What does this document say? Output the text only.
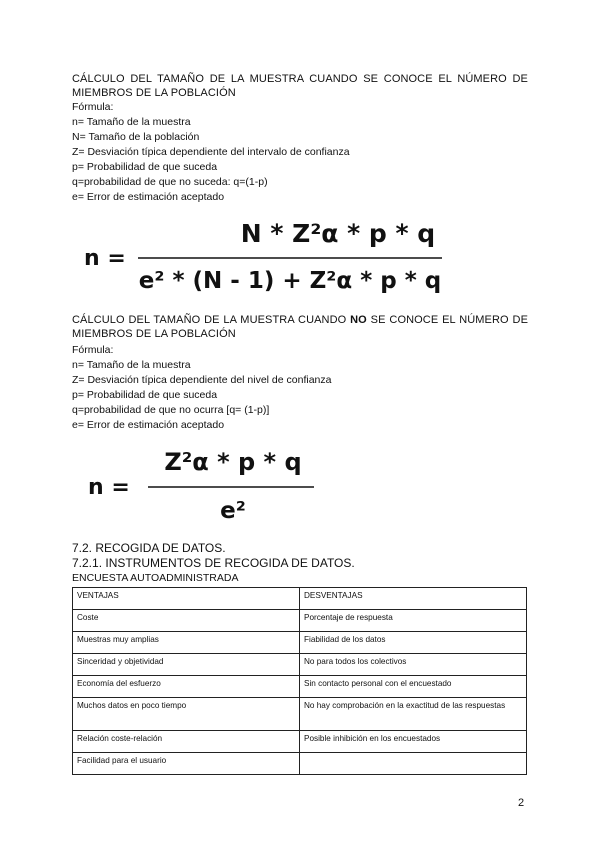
CÁLCULO DEL TAMAÑO DE LA MUESTRA CUANDO SE CONOCE EL NÚMERO DE
MIEMBROS DE LA POBLACIÓN
Fórmula:
n= Tamaño de la muestra
N= Tamaño de la población
Z= Desviación típica dependiente del intervalo de confianza
p= Probabilidad de que suceda
q=probabilidad de que no suceda: q=(1-p)
e= Error de estimación aceptado
n =
N * Z²α * p * q
e² * (N - 1) + Z²α * p * q
CÁLCULO DEL TAMAÑO DE LA MUESTRA CUANDO NO SE CONOCE EL NÚMERO DE
MIEMBROS DE LA POBLACIÓN
Fórmula:
n= Tamaño de la muestra
Z= Desviación típica dependiente del nivel de confianza
p= Probabilidad de que suceda
q=probabilidad de que no ocurra [q= (1-p)]
e= Error de estimación aceptado
n =
Z²α * p * q
e²
7.2. RECOGIDA DE DATOS.
7.2.1. INSTRUMENTOS DE RECOGIDA DE DATOS.
ENCUESTA AUTOADMINISTRADA
VENTAJAS	DESVENTAJAS
Coste	Porcentaje de respuesta
Muestras muy amplias	Fiabilidad de los datos
Sinceridad y objetividad	No para todos los colectivos
Economía del esfuerzo	Sin contacto personal con el encuestado
Muchos datos en poco tiempo	No hay comprobación en la exactitud de las respuestas
Relación coste-relación	Posible inhibición en los encuestados
Facilidad para el usuario	
2
